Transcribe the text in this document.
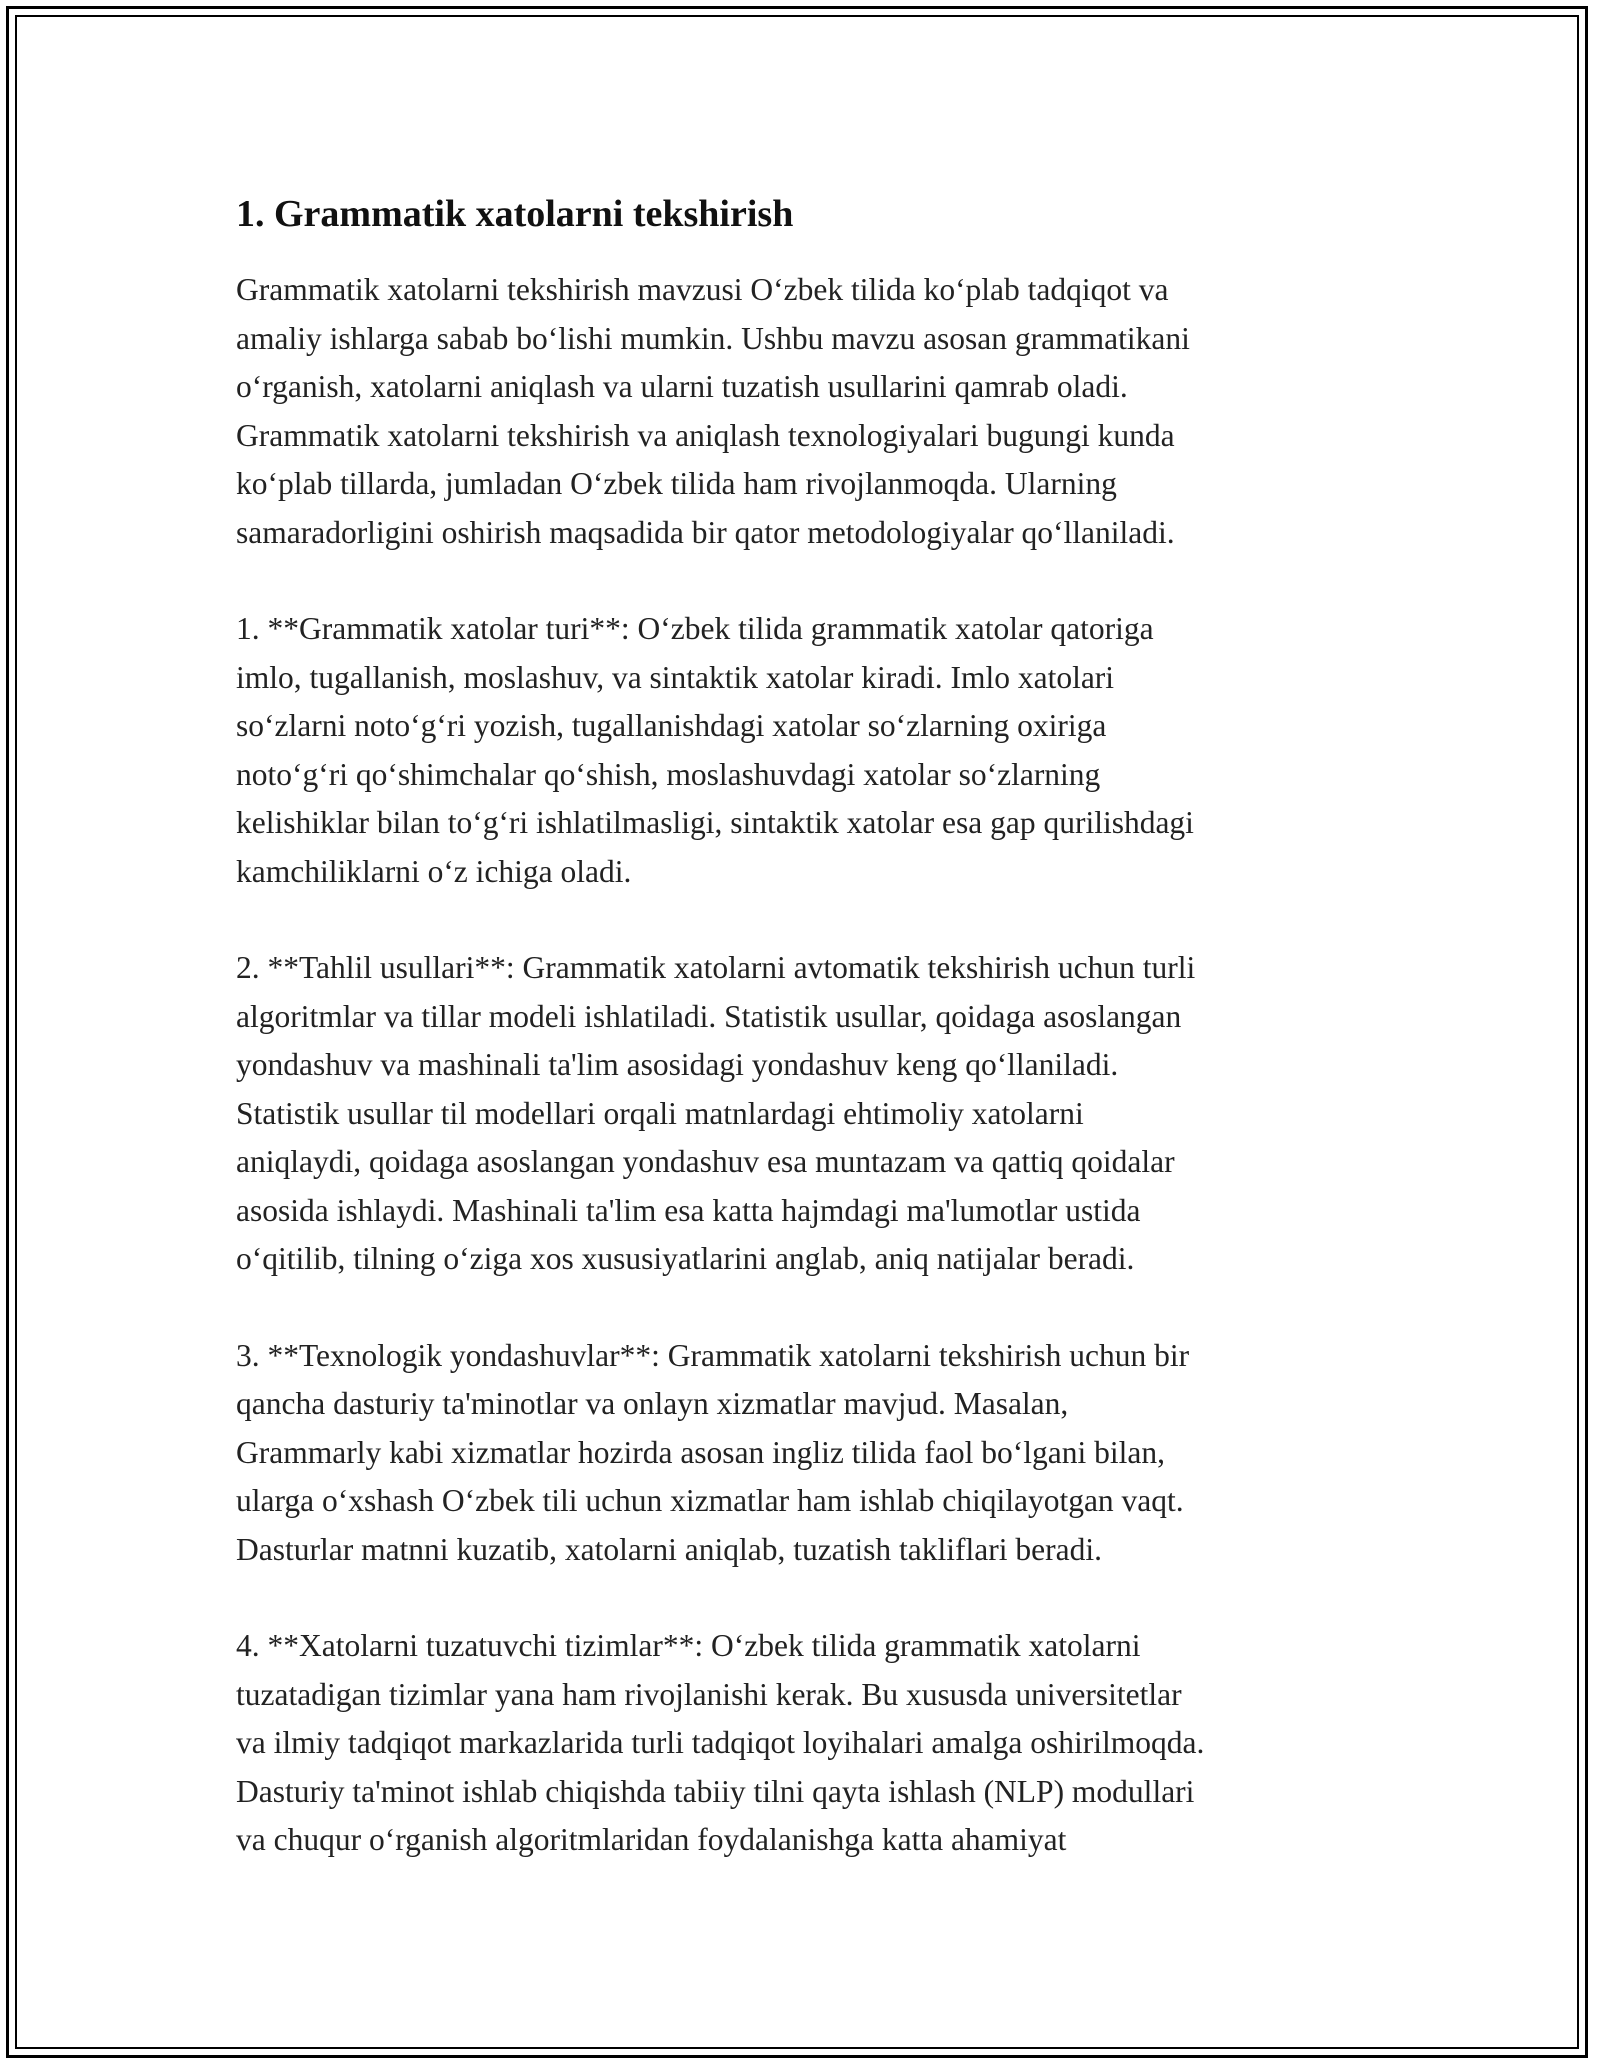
1. Grammatik xatolarni tekshirish
Grammatik xatolarni tekshirish mavzusi O‘zbek tilida ko‘plab tadqiqot va
amaliy ishlarga sabab bo‘lishi mumkin. Ushbu mavzu asosan grammatikani
o‘rganish, xatolarni aniqlash va ularni tuzatish usullarini qamrab oladi.
Grammatik xatolarni tekshirish va aniqlash texnologiyalari bugungi kunda
ko‘plab tillarda, jumladan O‘zbek tilida ham rivojlanmoqda. Ularning
samaradorligini oshirish maqsadida bir qator metodologiyalar qo‘llaniladi.
1. **Grammatik xatolar turi**: O‘zbek tilida grammatik xatolar qatoriga
imlo, tugallanish, moslashuv, va sintaktik xatolar kiradi. Imlo xatolari
so‘zlarni noto‘g‘ri yozish, tugallanishdagi xatolar so‘zlarning oxiriga
noto‘g‘ri qo‘shimchalar qo‘shish, moslashuvdagi xatolar so‘zlarning
kelishiklar bilan to‘g‘ri ishlatilmasligi, sintaktik xatolar esa gap qurilishdagi
kamchiliklarni o‘z ichiga oladi.
2. **Tahlil usullari**: Grammatik xatolarni avtomatik tekshirish uchun turli
algoritmlar va tillar modeli ishlatiladi. Statistik usullar, qoidaga asoslangan
yondashuv va mashinali ta'lim asosidagi yondashuv keng qo‘llaniladi.
Statistik usullar til modellari orqali matnlardagi ehtimoliy xatolarni
aniqlaydi, qoidaga asoslangan yondashuv esa muntazam va qattiq qoidalar
asosida ishlaydi. Mashinali ta'lim esa katta hajmdagi ma'lumotlar ustida
o‘qitilib, tilning o‘ziga xos xususiyatlarini anglab, aniq natijalar beradi.
3. **Texnologik yondashuvlar**: Grammatik xatolarni tekshirish uchun bir
qancha dasturiy ta'minotlar va onlayn xizmatlar mavjud. Masalan,
Grammarly kabi xizmatlar hozirda asosan ingliz tilida faol bo‘lgani bilan,
ularga o‘xshash O‘zbek tili uchun xizmatlar ham ishlab chiqilayotgan vaqt.
Dasturlar matnni kuzatib, xatolarni aniqlab, tuzatish takliflari beradi.
4. **Xatolarni tuzatuvchi tizimlar**: O‘zbek tilida grammatik xatolarni
tuzatadigan tizimlar yana ham rivojlanishi kerak. Bu xususda universitetlar
va ilmiy tadqiqot markazlarida turli tadqiqot loyihalari amalga oshirilmoqda.
Dasturiy ta'minot ishlab chiqishda tabiiy tilni qayta ishlash (NLP) modullari
va chuqur o‘rganish algoritmlaridan foydalanishga katta ahamiyat
